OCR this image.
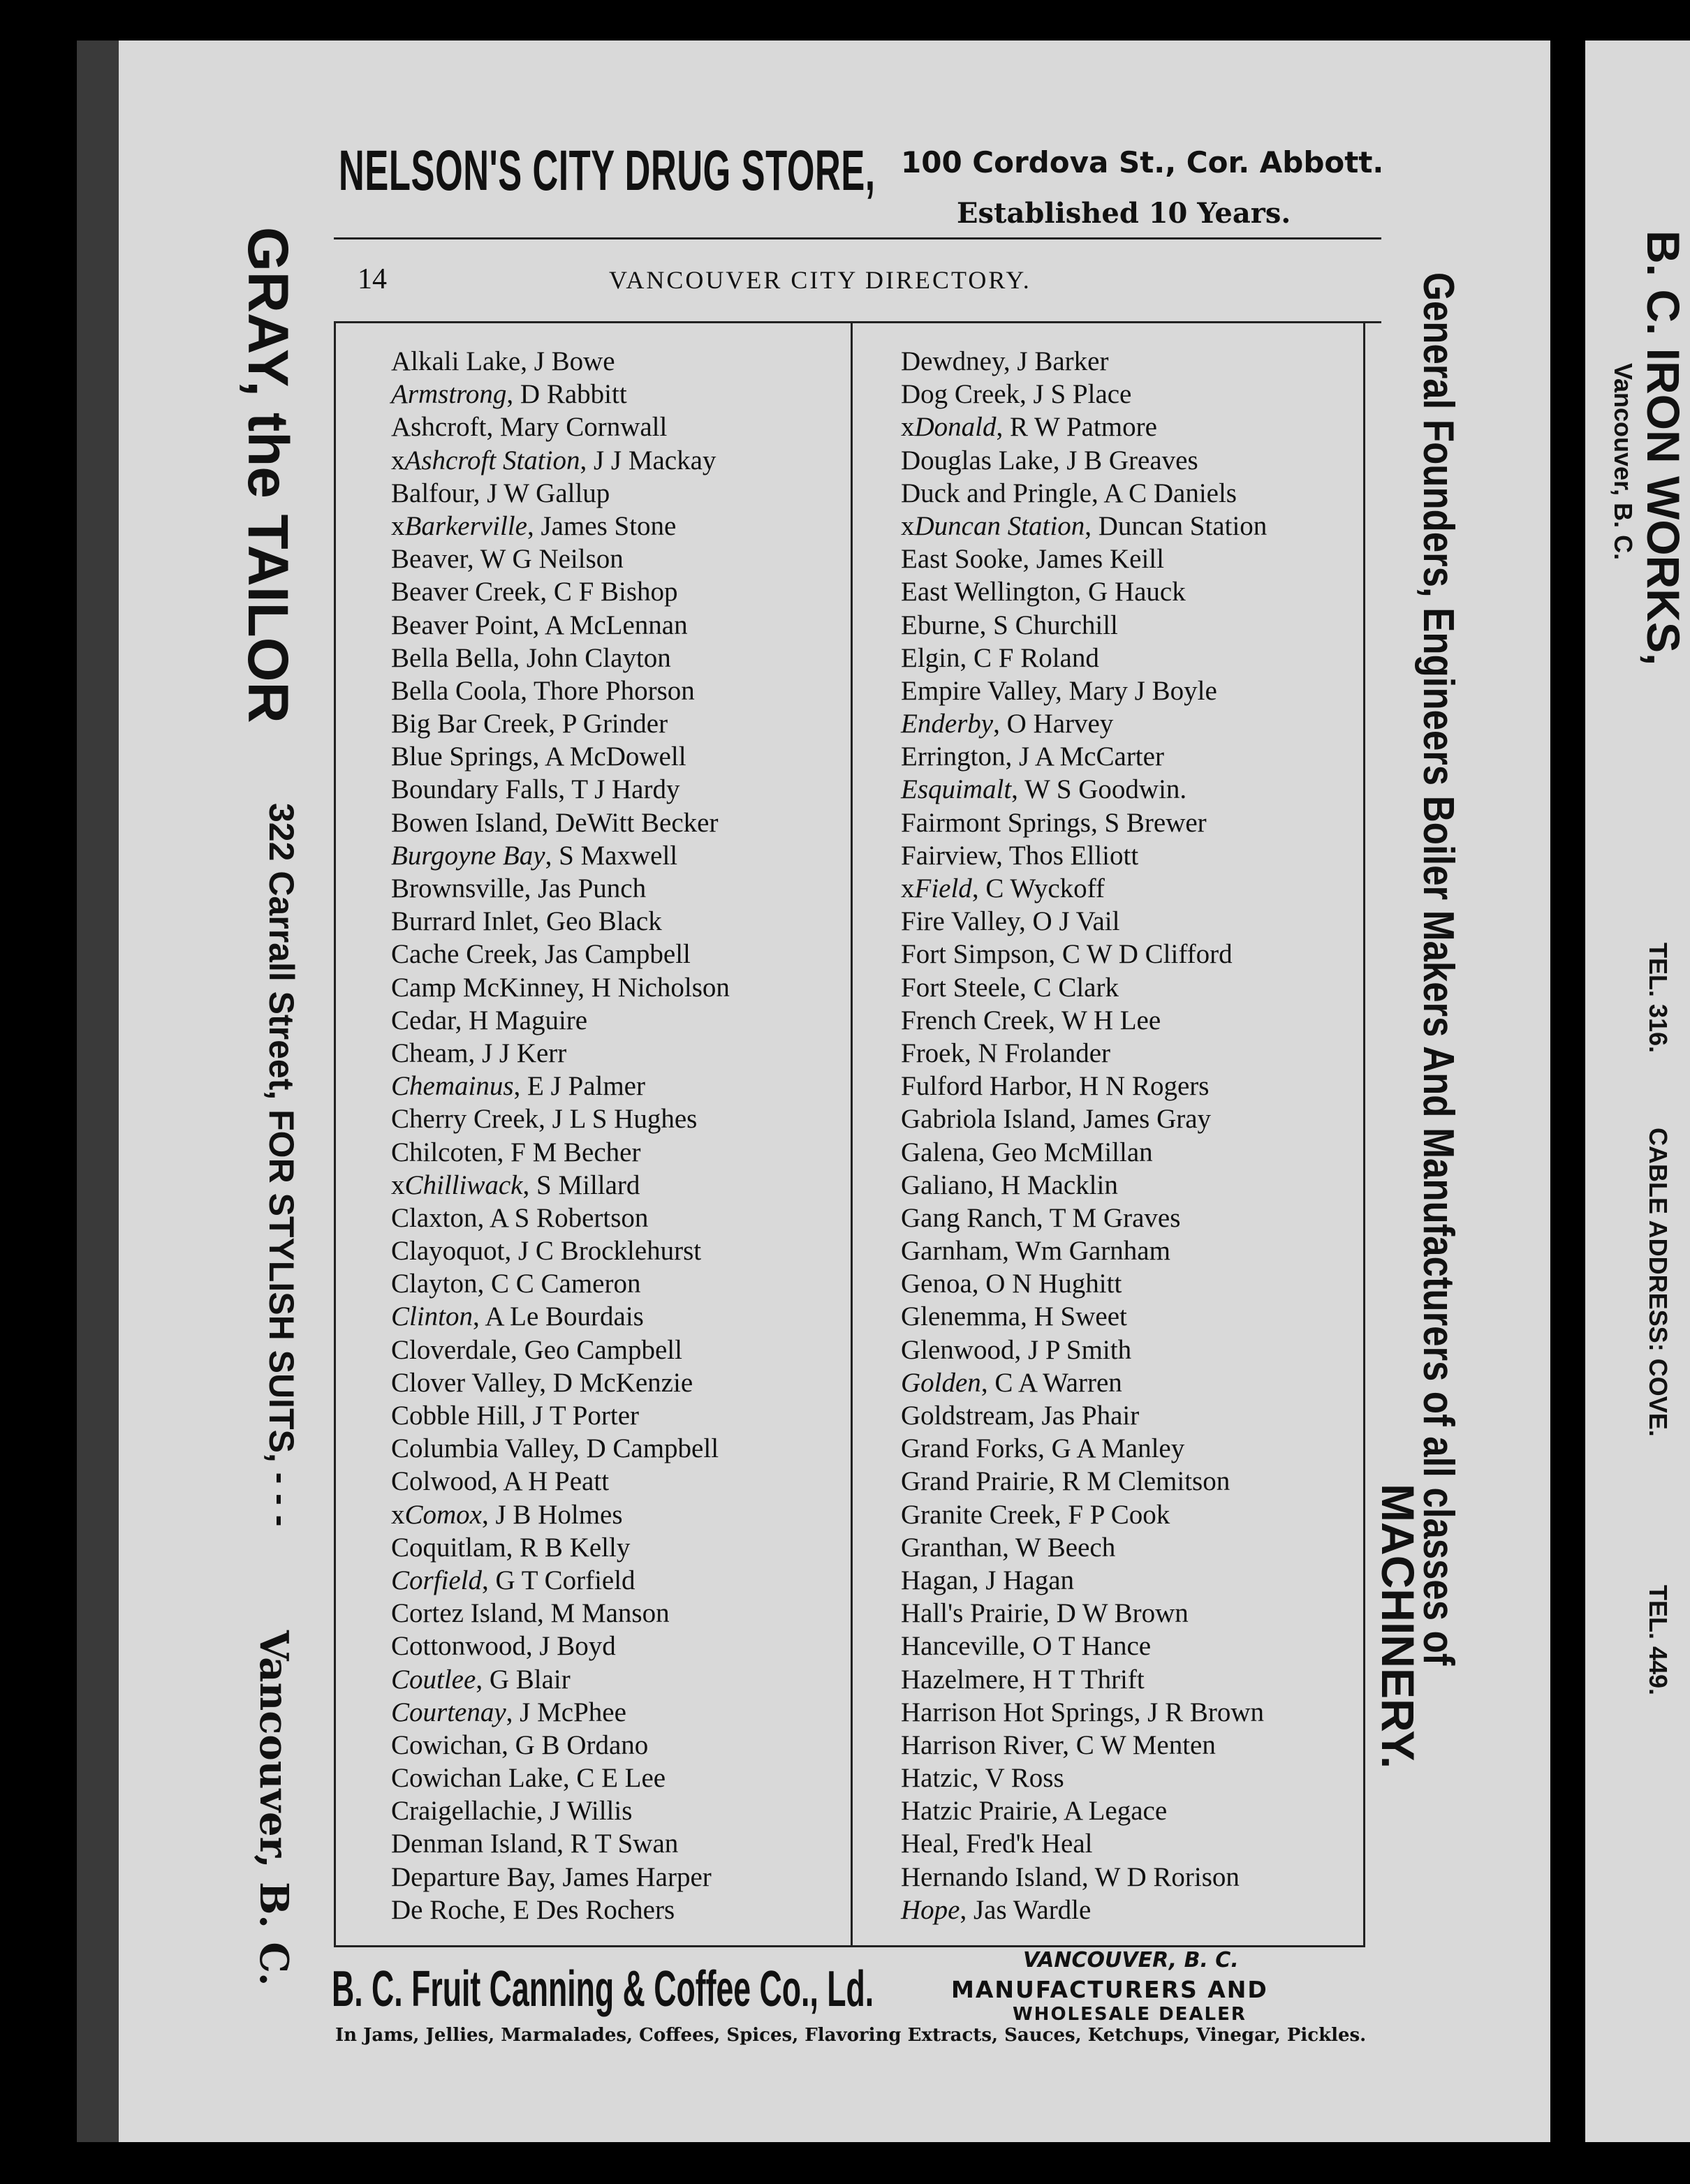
NELSON'S CITY DRUG STORE, 100 Cordova St., Cor. Abbott.
Established 10 Years.
14	VANCOUVER CITY DIRECTORY.
Alkali Lake, J Bowe
Armstrong, D Rabbitt
Ashcroft, Mary Cornwall
xAshcroft Station, J J Mackay
Balfour, J W Gallup
xBarkerville, James Stone
Beaver, W G Neilson
Beaver Creek, C F Bishop
Beaver Point, A McLennan
Bella Bella, John Clayton
Bella Coola, Thore Phorson
Big Bar Creek, P Grinder
Blue Springs, A McDowell
Boundary Falls, T J Hardy
Bowen Island, DeWitt Becker
Burgoyne Bay, S Maxwell
Brownsville, Jas Punch
Burrard Inlet, Geo Black
Cache Creek, Jas Campbell
Camp McKinney, H Nicholson
Cedar, H Maguire
Cheam, J J Kerr
Chemainus, E J Palmer
Cherry Creek, J L S Hughes
Chilcoten, F M Becher
xChilliwack, S Millard
Claxton, A S Robertson
Clayoquot, J C Brocklehurst
Clayton, C C Cameron
Clinton, A Le Bourdais
Cloverdale, Geo Campbell
Clover Valley, D McKenzie
Cobble Hill, J T Porter
Columbia Valley, D Campbell
Colwood, A H Peatt
xComox, J B Holmes
Coquitlam, R B Kelly
Corfield, G T Corfield
Cortez Island, M Manson
Cottonwood, J Boyd
Coutlee, G Blair
Courtenay, J McPhee
Cowichan, G B Ordano
Cowichan Lake, C E Lee
Craigellachie, J Willis
Denman Island, R T Swan
Departure Bay, James Harper
De Roche, E Des Rochers
Dewdney, J Barker
Dog Creek, J S Place
xDonald, R W Patmore
Douglas Lake, J B Greaves
Duck and Pringle, A C Daniels
xDuncan Station, Duncan Station
East Sooke, James Keill
East Wellington, G Hauck
Eburne, S Churchill
Elgin, C F Roland
Empire Valley, Mary J Boyle
Enderby, O Harvey
Errington, J A McCarter
Esquimalt, W S Goodwin.
Fairmont Springs, S Brewer
Fairview, Thos Elliott
xField, C Wyckoff
Fire Valley, O J Vail
Fort Simpson, C W D Clifford
Fort Steele, C Clark
French Creek, W H Lee
Froek, N Frolander
Fulford Harbor, H N Rogers
Gabriola Island, James Gray
Galena, Geo McMillan
Galiano, H Macklin
Gang Ranch, T M Graves
Garnham, Wm Garnham
Genoa, O N Hughitt
Glenemma, H Sweet
Glenwood, J P Smith
Golden, C A Warren
Goldstream, Jas Phair
Grand Forks, G A Manley
Grand Prairie, R M Clemitson
Granite Creek, F P Cook
Granthan, W Beech
Hagan, J Hagan
Hall's Prairie, D W Brown
Hanceville, O T Hance
Hazelmere, H T Thrift
Harrison Hot Springs, J R Brown
Harrison River, C W Menten
Hatzic, V Ross
Hatzic Prairie, A Legace
Heal, Fred'k Heal
Hernando Island, W D Rorison
Hope, Jas Wardle
GRAY, the TAILOR
322 Carrall Street, FOR STYLISH SUITS, - - -
Vancouver, B. C.
General Founders, Engineers Boiler Makers And Manufacturers of all classes of
MACHINERY.
B. C. IRON WORKS,
Vancouver, B. C.
TEL. 316.
CABLE ADDRESS: COVE.
TEL. 449.
B. C. Fruit Canning & Coffee Co., Ld.
VANCOUVER, B. C.
MANUFACTURERS AND
WHOLESALE DEALER
In Jams, Jellies, Marmalades, Coffees, Spices, Flavoring Extracts, Sauces, Ketchups, Vinegar, Pickles.
